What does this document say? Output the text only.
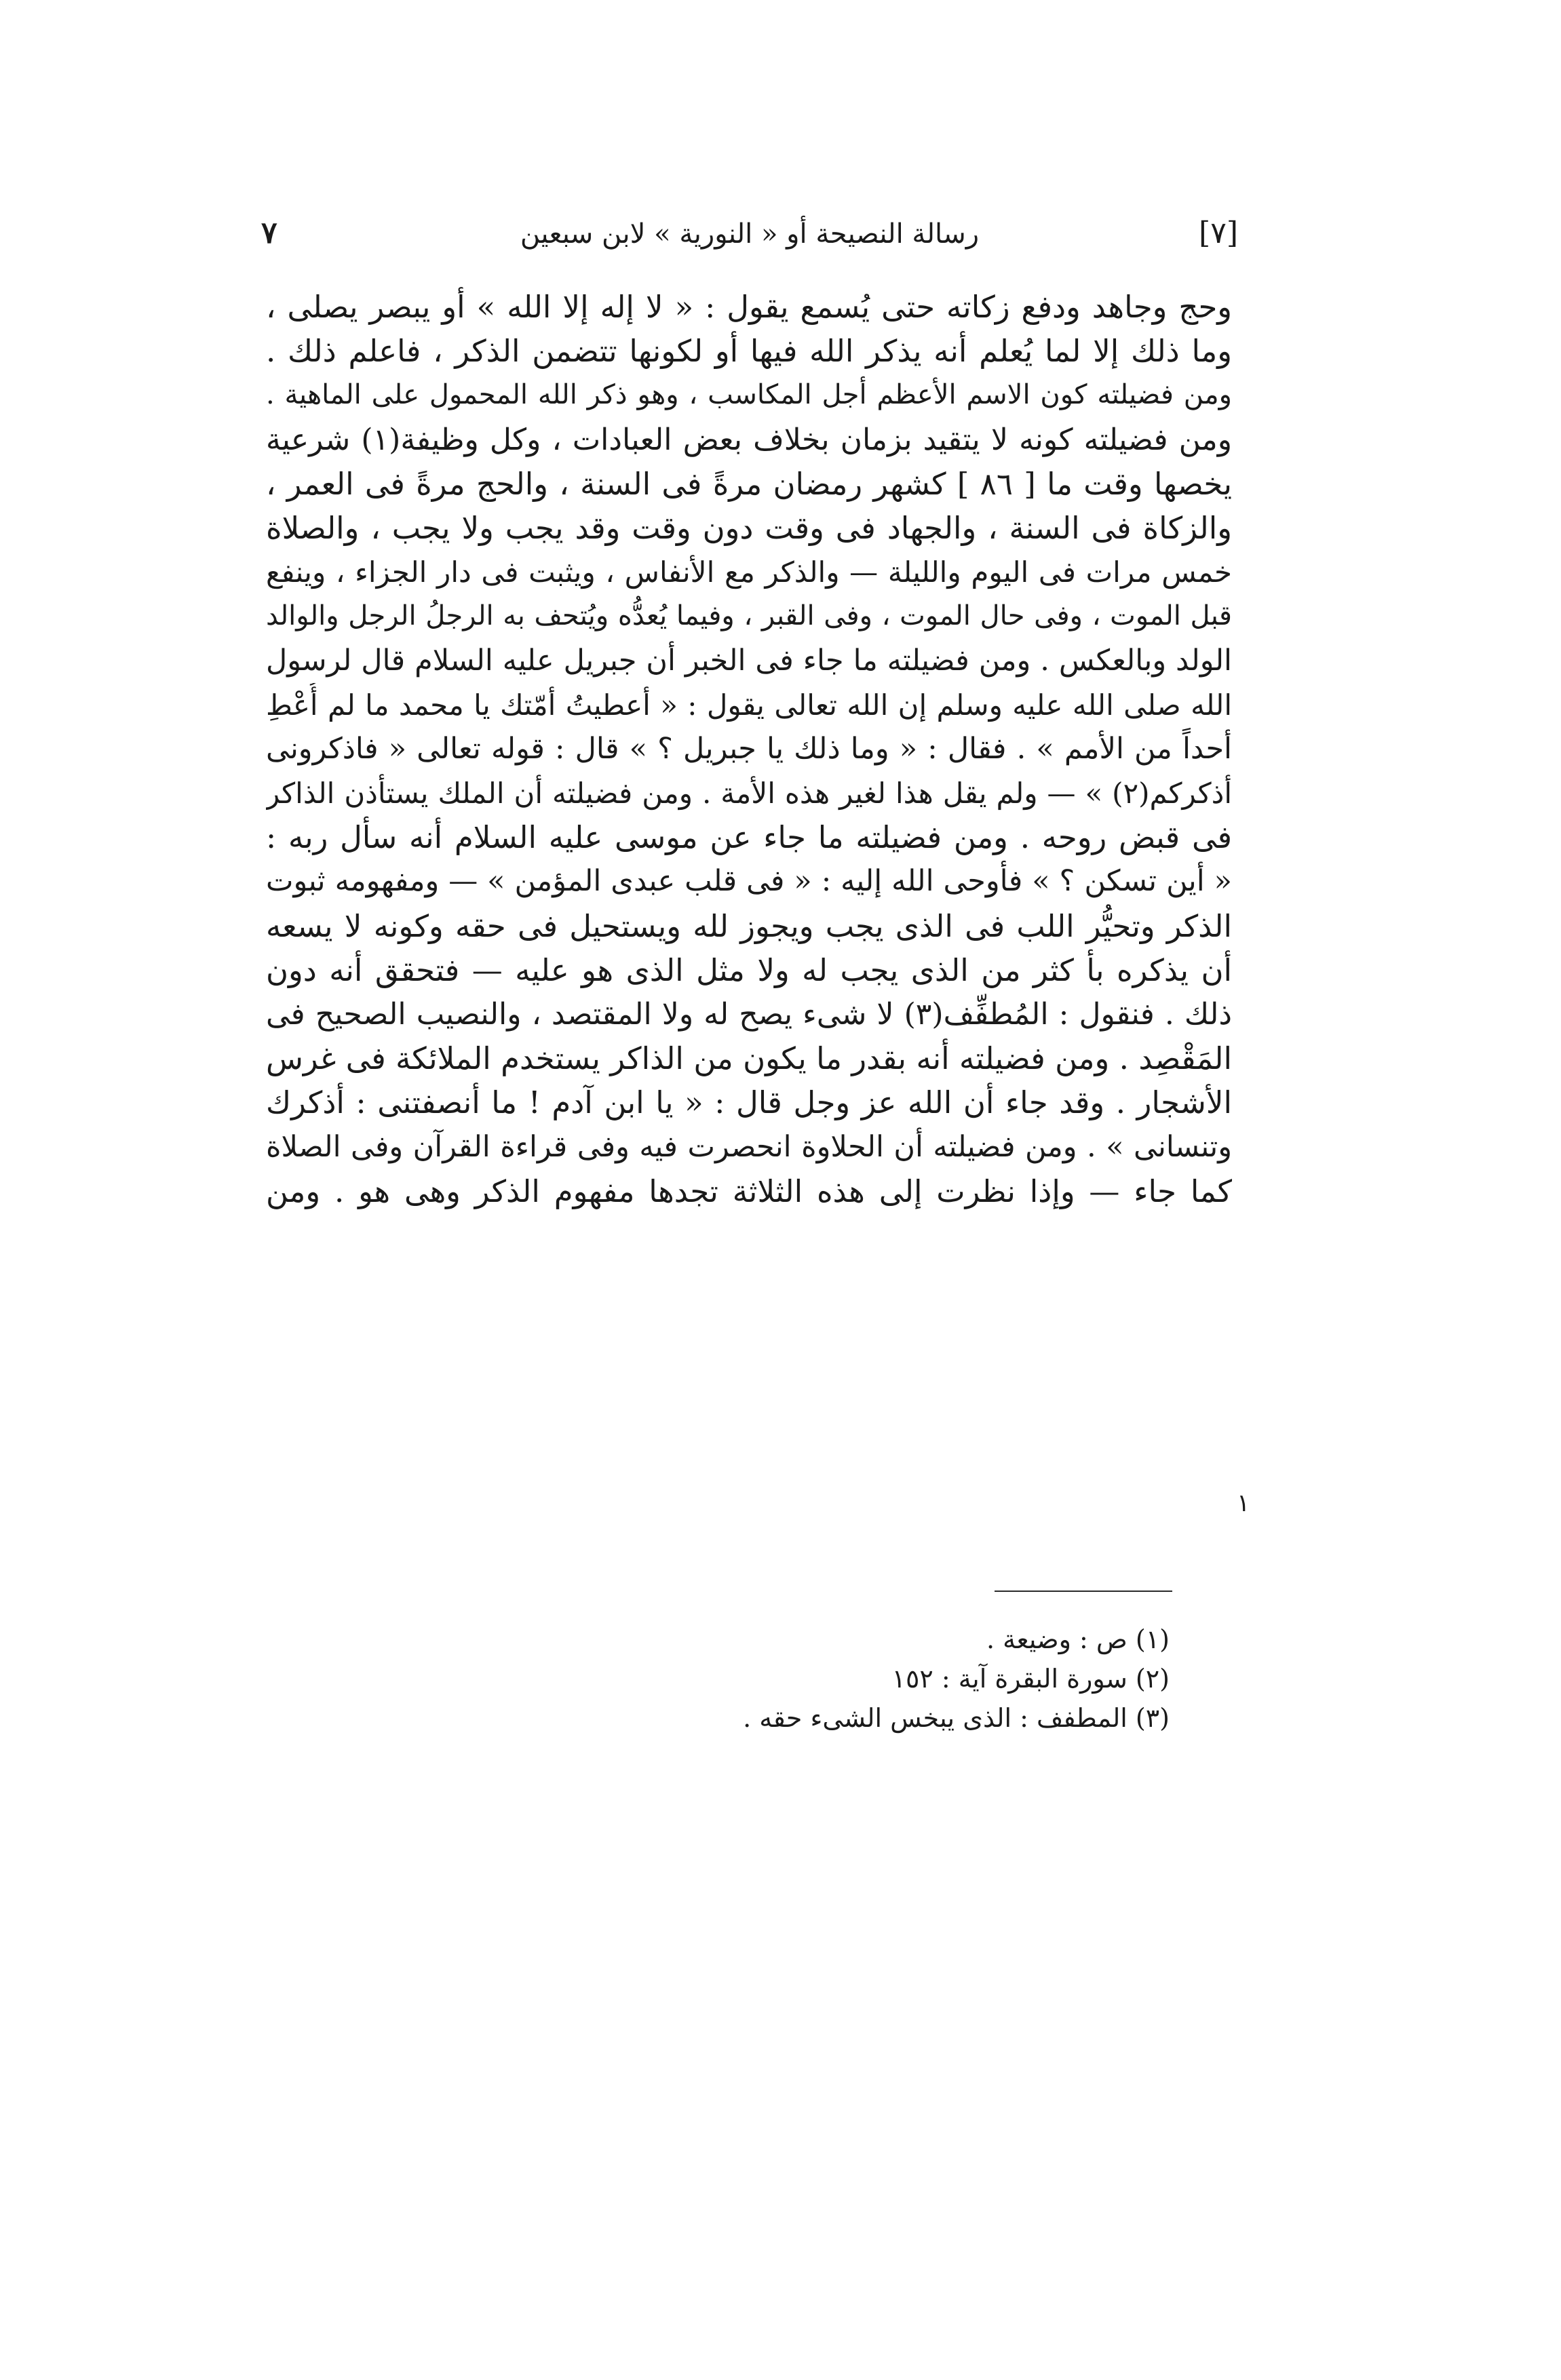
٧	رسالة النصيحة أو « النورية » لابن سبعين	[٧]
وحج وجاهد ودفع زكاته حتى يُسمع يقول : « لا إله إلا الله » أو يبصر يصلى ،
وما ذلك إلا لما يُعلم أنه يذكر الله فيها أو لكونها تتضمن الذكر ، فاعلم ذلك .
ومن فضيلته كون الاسم الأعظم أجل المكاسب ، وهو ذكر الله المحمول على الماهية .
ومن فضيلته كونه لا يتقيد بزمان بخلاف بعض العبادات ، وكل وظيفة(١) شرعية
يخصها وقت ما [ ٨٦ ] كشهر رمضان مرةً فى السنة ، والحج مرةً فى العمر ،
والزكاة فى السنة ، والجهاد فى وقت دون وقت وقد يجب ولا يجب ، والصلاة
خمس مرات فى اليوم والليلة — والذكر مع الأنفاس ، ويثبت فى دار الجزاء ، وينفع
قبل الموت ، وفى حال الموت ، وفى القبر ، وفيما يُعدُّه ويُتحف به الرجلُ الرجل والوالد
الولد وبالعكس . ومن فضيلته ما جاء فى الخبر أن جبريل عليه السلام قال لرسول
الله صلى الله عليه وسلم إن الله تعالى يقول : « أعطيتُ أمّتك يا محمد ما لم أُعْطِ
أحداً من الأمم » . فقال : « وما ذلك يا جبريل ؟ » قال : قوله تعالى « فاذكرونى
أذكركم(٢) » — ولم يقل هذا لغير هذه الأمة . ومن فضيلته أن الملك يستأذن الذاكر
فى قبض روحه . ومن فضيلته ما جاء عن موسى عليه السلام أنه سأل ربه :
« أين تسكن ؟ » فأوحى الله إليه : « فى قلب عبدى المؤمن » — ومفهومه ثبوت
الذكر وتحيُّر اللب فى الذى يجب ويجوز لله ويستحيل فى حقه وكونه لا يسعه
أن يذكره بأ كثر من الذى يجب له ولا مثل الذى هو عليه — فتحقق أنه دون
ذلك . فنقول : المُطفِّف(٣) لا شىء يصح له ولا المقتصد ، والنصيب الصحيح فى
المَقْصِد . ومن فضيلته أنه بقدر ما يكون من الذاكر يستخدم الملائكة فى غرس
الأشجار . وقد جاء أن الله عز وجل قال : « يا ابن آدم ! ما أنصفتنى : أذكرك
وتنسانى » . ومن فضيلته أن الحلاوة انحصرت فيه وفى قراءة القرآن وفى الصلاة
كما جاء — وإذا نظرت إلى هذه الثلاثة تجدها مفهوم الذكر وهى هو . ومن
١
(١) ص : وضيعة .
(٢) سورة البقرة آية : ١٥٢
(٣) المطفف : الذى يبخس الشىء حقه .
